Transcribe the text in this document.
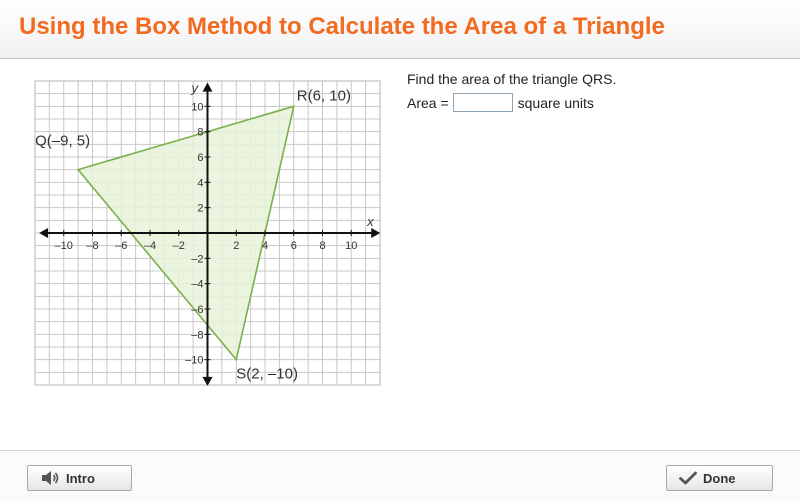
Using the Box Method to Calculate the Area of a Triangle
–10 –8 –6 –4 –2	2 4 6 8 10
10
8
6
4
2
–2
–4
–6
–8
–10
x
y
Q(–9, 5)
R(6, 10)
S(2, –10)
Find the area of the triangle QRS.
Area =	square units
Intro	Done
